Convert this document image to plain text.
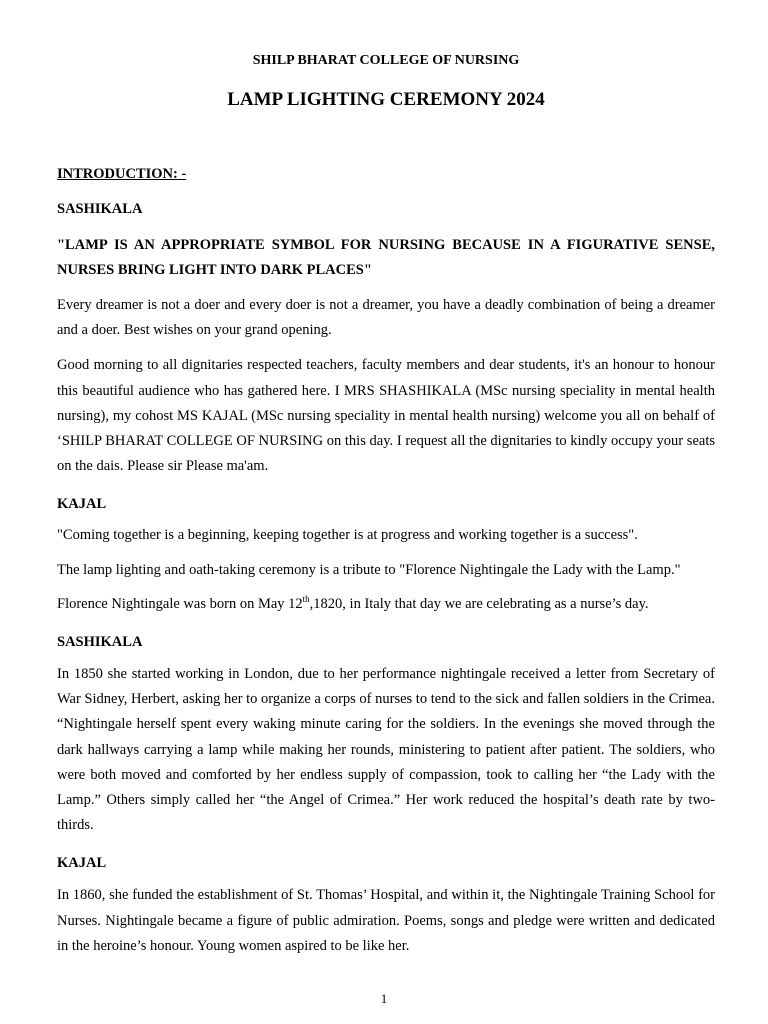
SHILP BHARAT COLLEGE OF NURSING
LAMP LIGHTING CEREMONY 2024
INTRODUCTION: -
SASHIKALA
"LAMP IS AN APPROPRIATE SYMBOL FOR NURSING BECAUSE IN A FIGURATIVE SENSE, NURSES BRING LIGHT INTO DARK PLACES"

Every dreamer is not a doer and every doer is not a dreamer, you have a deadly combination of being a dreamer and a doer. Best wishes on your grand opening.

Good morning to all dignitaries respected teachers, faculty members and dear students, it's an honour to honour this beautiful audience who has gathered here. I MRS SHASHIKALA (MSc nursing speciality in mental health nursing), my cohost MS KAJAL (MSc nursing speciality in mental health nursing) welcome you all on behalf of ‘SHILP BHARAT COLLEGE OF NURSING on this day. I request all the dignitaries to kindly occupy your seats on the dais. Please sir Please ma'am.

KAJAL

"Coming together is a beginning, keeping together is at progress and working together is a success".

The lamp lighting and oath-taking ceremony is a tribute to "Florence Nightingale the Lady with the Lamp."

Florence Nightingale was born on May 12th,1820, in Italy that day we are celebrating as a nurse’s day.

SASHIKALA

In 1850 she started working in London, due to her performance nightingale received a letter from Secretary of War Sidney, Herbert, asking her to organize a corps of nurses to tend to the sick and fallen soldiers in the Crimea. “Nightingale herself spent every waking minute caring for the soldiers. In the evenings she moved through the dark hallways carrying a lamp while making her rounds, ministering to patient after patient. The soldiers, who were both moved and comforted by her endless supply of compassion, took to calling her “the Lady with the Lamp.” Others simply called her “the Angel of Crimea.” Her work reduced the hospital’s death rate by two-thirds.

KAJAL

In 1860, she funded the establishment of St. Thomas’ Hospital, and within it, the Nightingale Training School for Nurses. Nightingale became a figure of public admiration. Poems, songs and pledge were written and dedicated in the heroine’s honour. Young women aspired to be like her.

1
